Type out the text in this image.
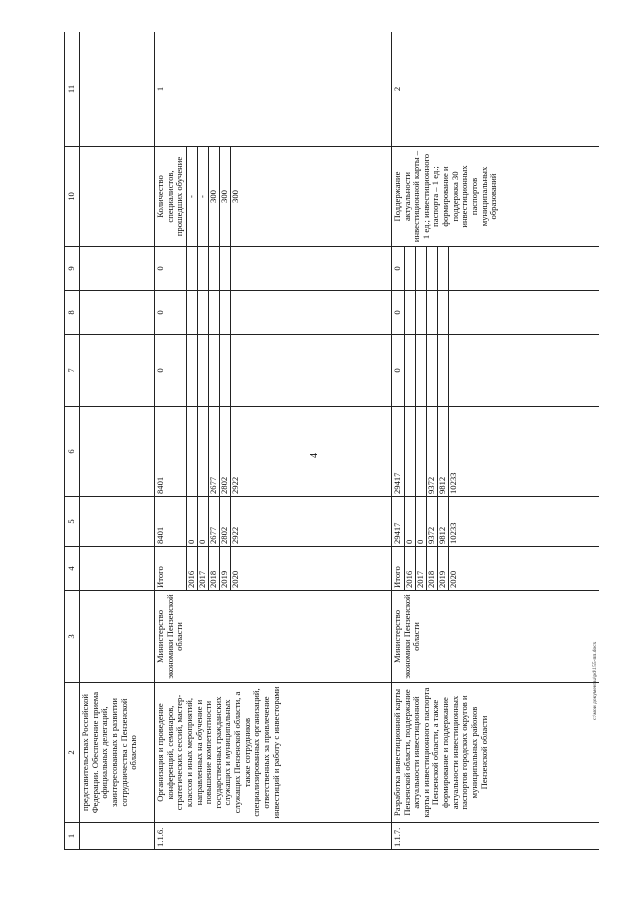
4
1	2	3	4	5	6	7	8	9	10	11
	представительствах Российской Федерации. Обеспечение приема официальных делегаций, заинтересованных в развитии сотрудничества с Пензенской областью									
1.1.6.	Организация и проведение конференций, семинаров, стратегических сессий, мастер-классов и иных мероприятий, направленных на обучение и повышение компетентности государственных гражданских служащих и муниципальных служащих Пензенской области, а также сотрудников специализированных организаций, ответственных за привлечение инвестиций и работу с инвесторами	Министерство экономики Пензенской области	Итого	8401	8401	0	0	0	Количество специалистов, прошедших обучение	1
			2016	0					-	
			2017	0					-	
			2018	2677	2677				300	
			2019	2802	2802				300	
			2020	2922	2922				300	
1.1.7.	Разработка инвестиционной карты Пензенской области, поддержание актуальности инвестиционной карты и инвестиционного паспорта Пензенской области, а также формирование и поддержание актуальности инвестиционных паспортов городских округов и муниципальных районов Пензенской области	Министерство экономики Пензенской области	Итого	29417	29417	0	0	0	Поддержание актуальности инвестиционной карты – 1 ед.; инвестиционного паспорта – 1 ед.; формирование и поддержка 30 инвестиционных паспортов муниципальных образований	2
			2016	0						
			2017	0						
			2018	9372	9372					
			2019	9812	9812					
			2020	10233	10233					
c:\мои документы\pd\155-пп.docx
